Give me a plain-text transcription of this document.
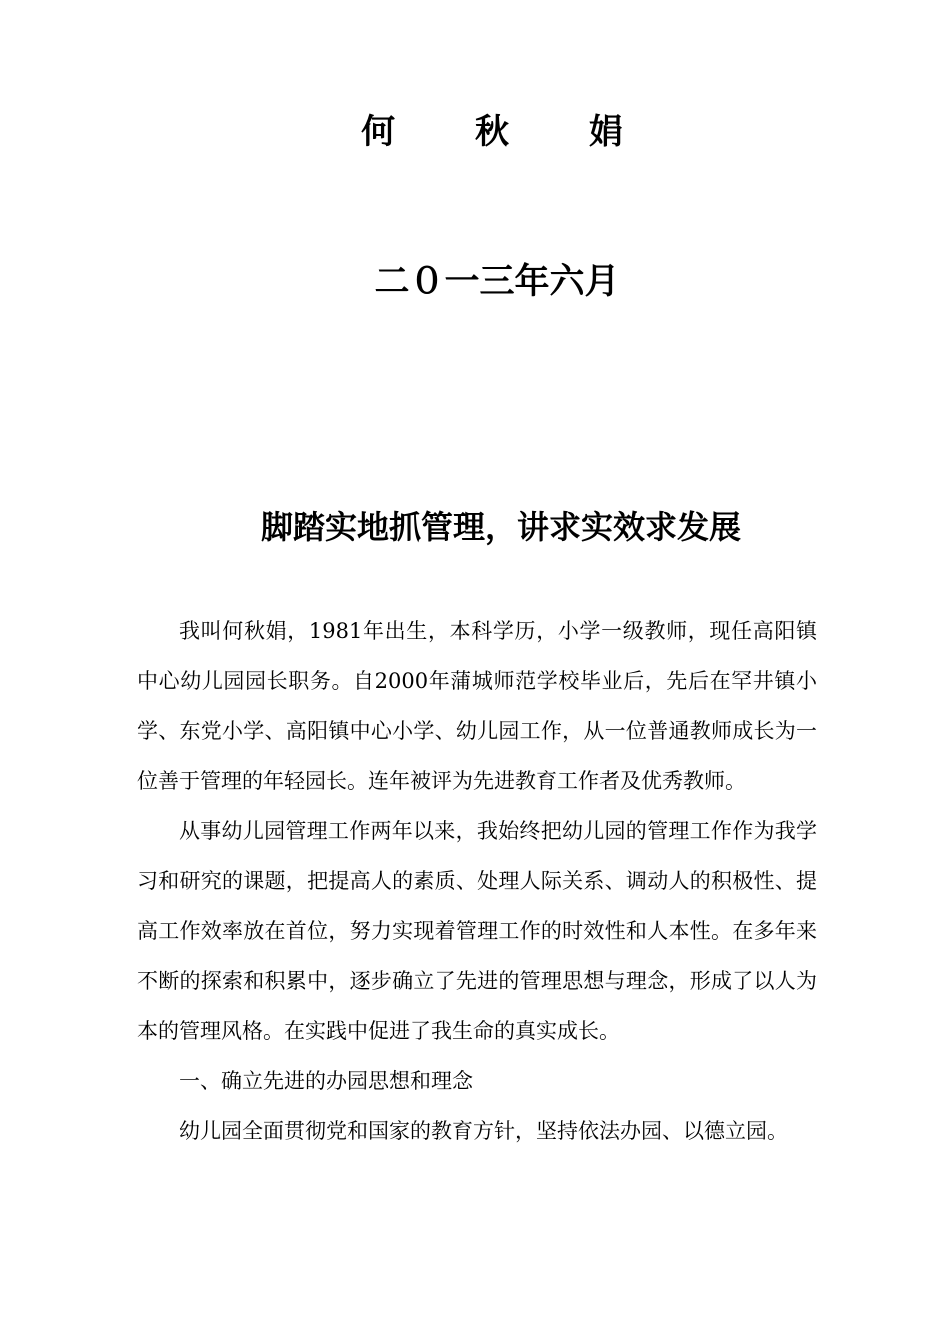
何 秋 娟
二０一三年六月
脚踏实地抓管理，讲求实效求发展

我叫何秋娟，1981年出生，本科学历，小学一级教师，现任高阳镇中心幼儿园园长职务。自2000年蒲城师范学校毕业后，先后在罕井镇小学、东党小学、高阳镇中心小学、幼儿园工作，从一位普通教师成长为一位善于管理的年轻园长。连年被评为先进教育工作者及优秀教师。

从事幼儿园管理工作两年以来，我始终把幼儿园的管理工作作为我学习和研究的课题，把提高人的素质、处理人际关系、调动人的积极性、提高工作效率放在首位，努力实现着管理工作的时效性和人本性。在多年来不断的探索和积累中，逐步确立了先进的管理思想与理念，形成了以人为本的管理风格。在实践中促进了我生命的真实成长。

一、确立先进的办园思想和理念

幼儿园全面贯彻党和国家的教育方针，坚持依法办园、以德立园。
